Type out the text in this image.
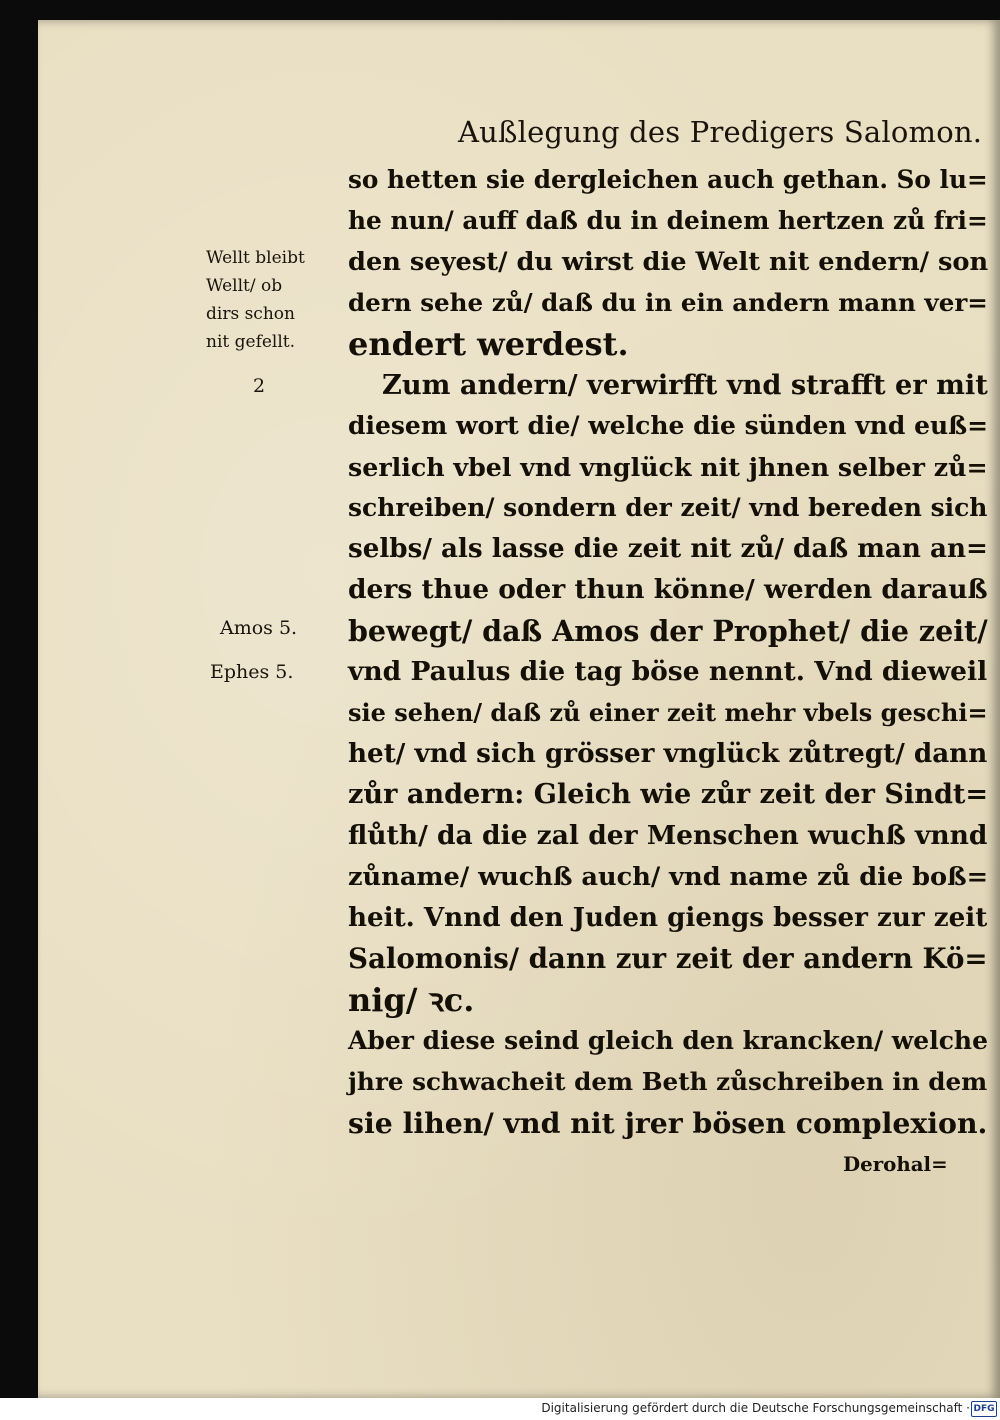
Außlegung des Predigers Salomon.
so hetten sie dergleichen auch gethan. So lu=
he nun/ auff daß du in deinem hertzen zů fri=
den seyest/ du wirst die Welt nit endern/ son
dern sehe zů/ daß du in ein andern mann ver=
endert werdest.
Zum andern/ verwirfft vnd strafft er mit
diesem wort die/ welche die sünden vnd euß=
serlich vbel vnd vnglück nit jhnen selber zů=
schreiben/ sondern der zeit/ vnd bereden sich
selbs/ als lasse die zeit nit zů/ daß man an=
ders thue oder thun könne/ werden darauß
bewegt/ daß Amos der Prophet/ die zeit/
vnd Paulus die tag böse nennt. Vnd dieweil
sie sehen/ daß zů einer zeit mehr vbels geschi=
het/ vnd sich grösser vnglück zůtregt/ dann
zůr andern: Gleich wie zůr zeit der Sindt=
flůth/ da die zal der Menschen wuchß vnnd
zůname/ wuchß auch/ vnd name zů die boß=
heit. Vnnd den Juden giengs besser zur zeit
Salomonis/ dann zur zeit der andern Kö=
nig/ ꝛc.
Aber diese seind gleich den krancken/ welche
jhre schwacheit dem Beth zůschreiben in dem
sie lihen/ vnd nit jrer bösen complexion.
Derohal=
Wellt bleibt
Wellt/ ob
dirs schon
nit gefellt.
2
Amos 5.
Ephes 5.
Digitalisierung gefördert durch die Deutsche Forschungsgemeinschaft · DFG
